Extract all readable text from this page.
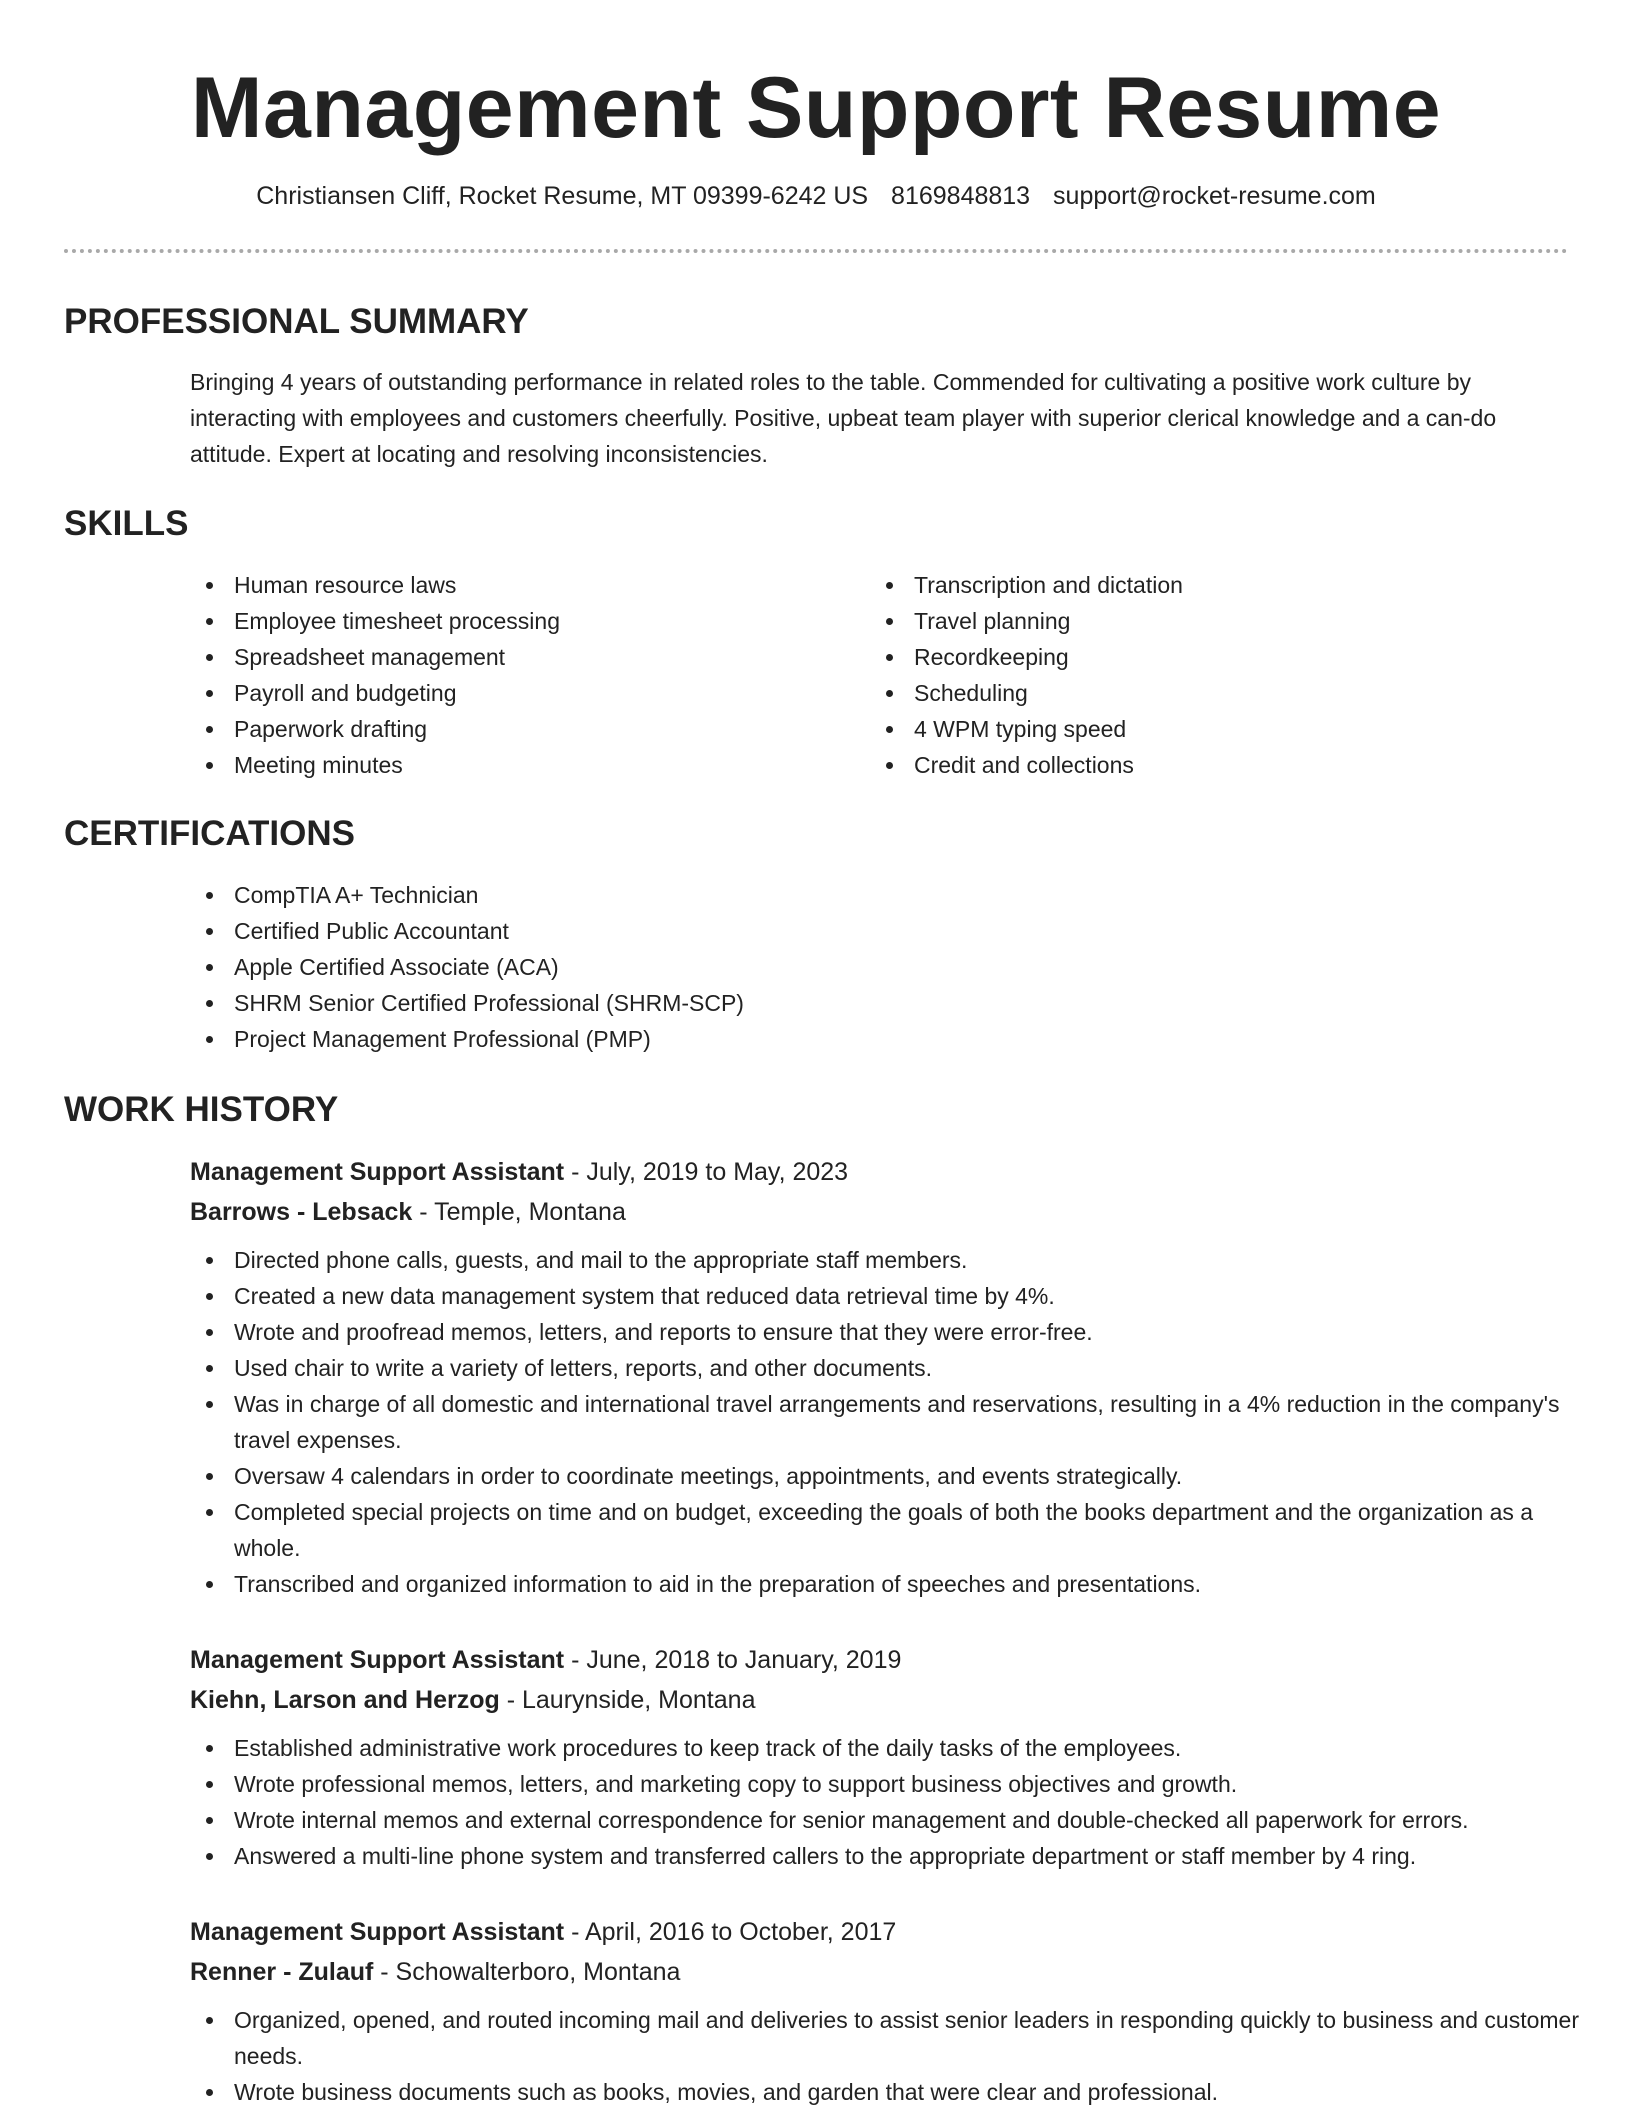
Management Support Resume
Christiansen Cliff, Rocket Resume, MT 09399-6242 US 8169848813 support@rocket-resume.com
PROFESSIONAL SUMMARY

Bringing 4 years of outstanding performance in related roles to the table. Commended for cultivating a positive work culture by interacting with employees and customers cheerfully. Positive, upbeat team player with superior clerical knowledge and a can-do attitude. Expert at locating and resolving inconsistencies.

SKILLS
Human resource laws
Employee timesheet processing
Spreadsheet management
Payroll and budgeting
Paperwork drafting
Meeting minutes
Transcription and dictation
Travel planning
Recordkeeping
Scheduling
4 WPM typing speed
Credit and collections
CERTIFICATIONS
CompTIA A+ Technician
Certified Public Accountant
Apple Certified Associate (ACA)
SHRM Senior Certified Professional (SHRM-SCP)
Project Management Professional (PMP)
WORK HISTORY
Management Support Assistant - July, 2019 to May, 2023
Barrows - Lebsack - Temple, Montana
Directed phone calls, guests, and mail to the appropriate staff members.
Created a new data management system that reduced data retrieval time by 4%.
Wrote and proofread memos, letters, and reports to ensure that they were error-free.
Used chair to write a variety of letters, reports, and other documents.
Was in charge of all domestic and international travel arrangements and reservations, resulting in a 4% reduction in the company's travel expenses.
Oversaw 4 calendars in order to coordinate meetings, appointments, and events strategically.
Completed special projects on time and on budget, exceeding the goals of both the books department and the organization as a whole.
Transcribed and organized information to aid in the preparation of speeches and presentations.
Management Support Assistant - June, 2018 to January, 2019
Kiehn, Larson and Herzog - Laurynside, Montana
Established administrative work procedures to keep track of the daily tasks of the employees.
Wrote professional memos, letters, and marketing copy to support business objectives and growth.
Wrote internal memos and external correspondence for senior management and double-checked all paperwork for errors.
Answered a multi-line phone system and transferred callers to the appropriate department or staff member by 4 ring.
Management Support Assistant - April, 2016 to October, 2017
Renner - Zulauf - Schowalterboro, Montana
Organized, opened, and routed incoming mail and deliveries to assist senior leaders in responding quickly to business and customer needs.
Wrote business documents such as books, movies, and garden that were clear and professional.
